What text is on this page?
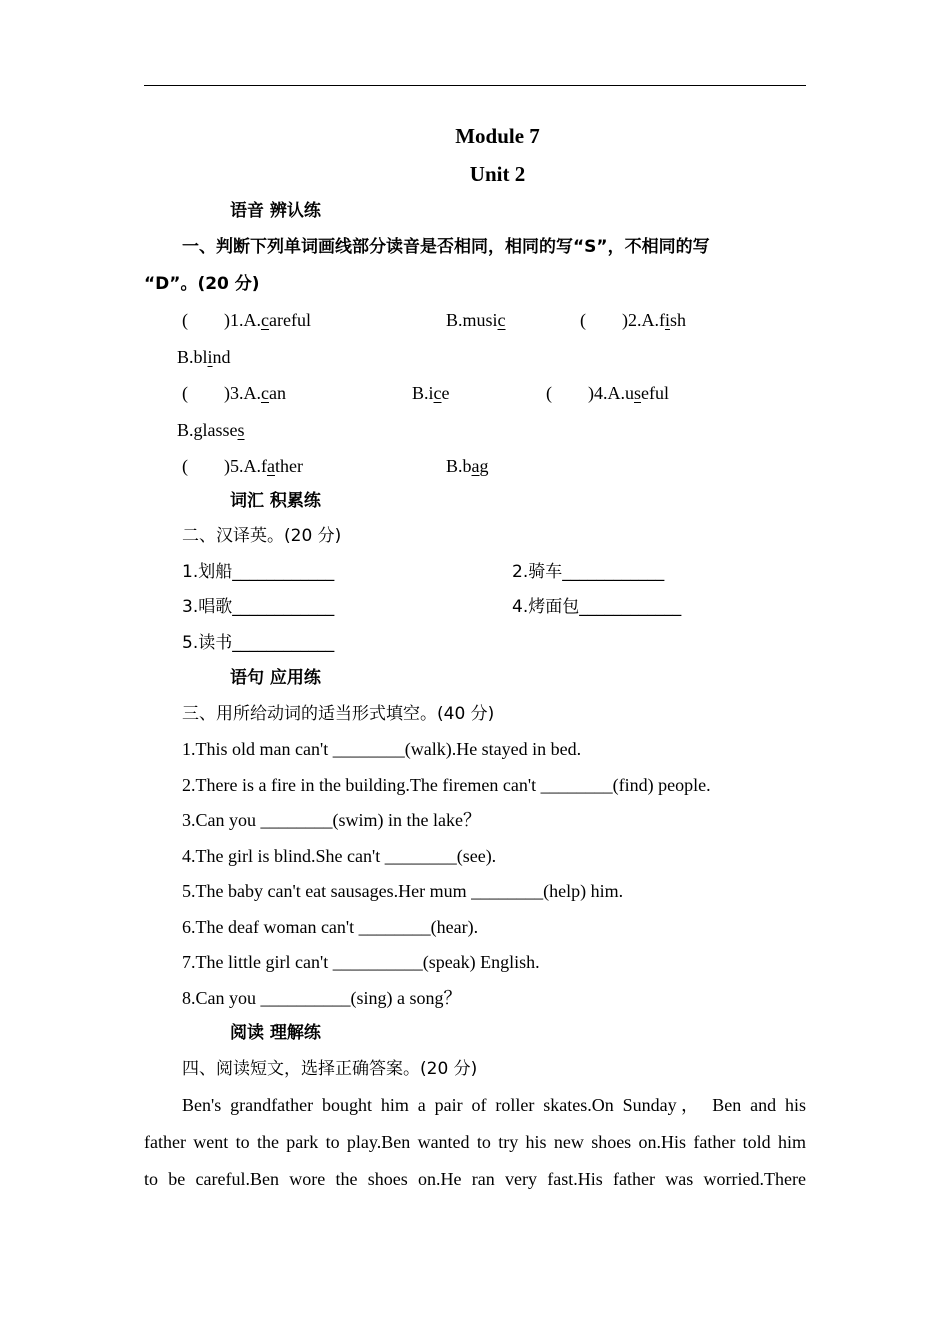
Module 7
Unit 2
语音 辨认练
一、判断下列单词画线部分读音是否相同，相同的写“S”，不相同的写
“D”。(20 分)
(　　)1.A.careful	B.music	(　　)2.A.fish
B.blind
(　　)3.A.can	B.ice	(　　)4.A.useful
B.glasses
(　　)5.A.father	B.bag
词汇 积累练
二、汉译英。(20 分)
1.划船____________	2.骑车____________
3.唱歌____________	4.烤面包____________
5.读书____________
语句 应用练
三、用所给动词的适当形式填空。(40 分)
1.This old man can't ________(walk).He stayed in bed.
2.There is a fire in the building.The firemen can't ________(find) people.
3.Can you ________(swim) in the lake？
4.The girl is blind.She can't ________(see).
5.The baby can't eat sausages.Her mum ________(help) him.
6.The deaf woman can't ________(hear).
7.The little girl can't __________(speak) English.
8.Can you __________(sing) a song？
阅读 理解练
四、阅读短文，选择正确答案。(20 分)
Ben's grandfather bought him a pair of roller skates.On Sunday， Ben and his
father went to the park to play.Ben wanted to try his new shoes on.His father told him
to be careful.Ben wore the shoes on.He ran very fast.His father was worried.There
